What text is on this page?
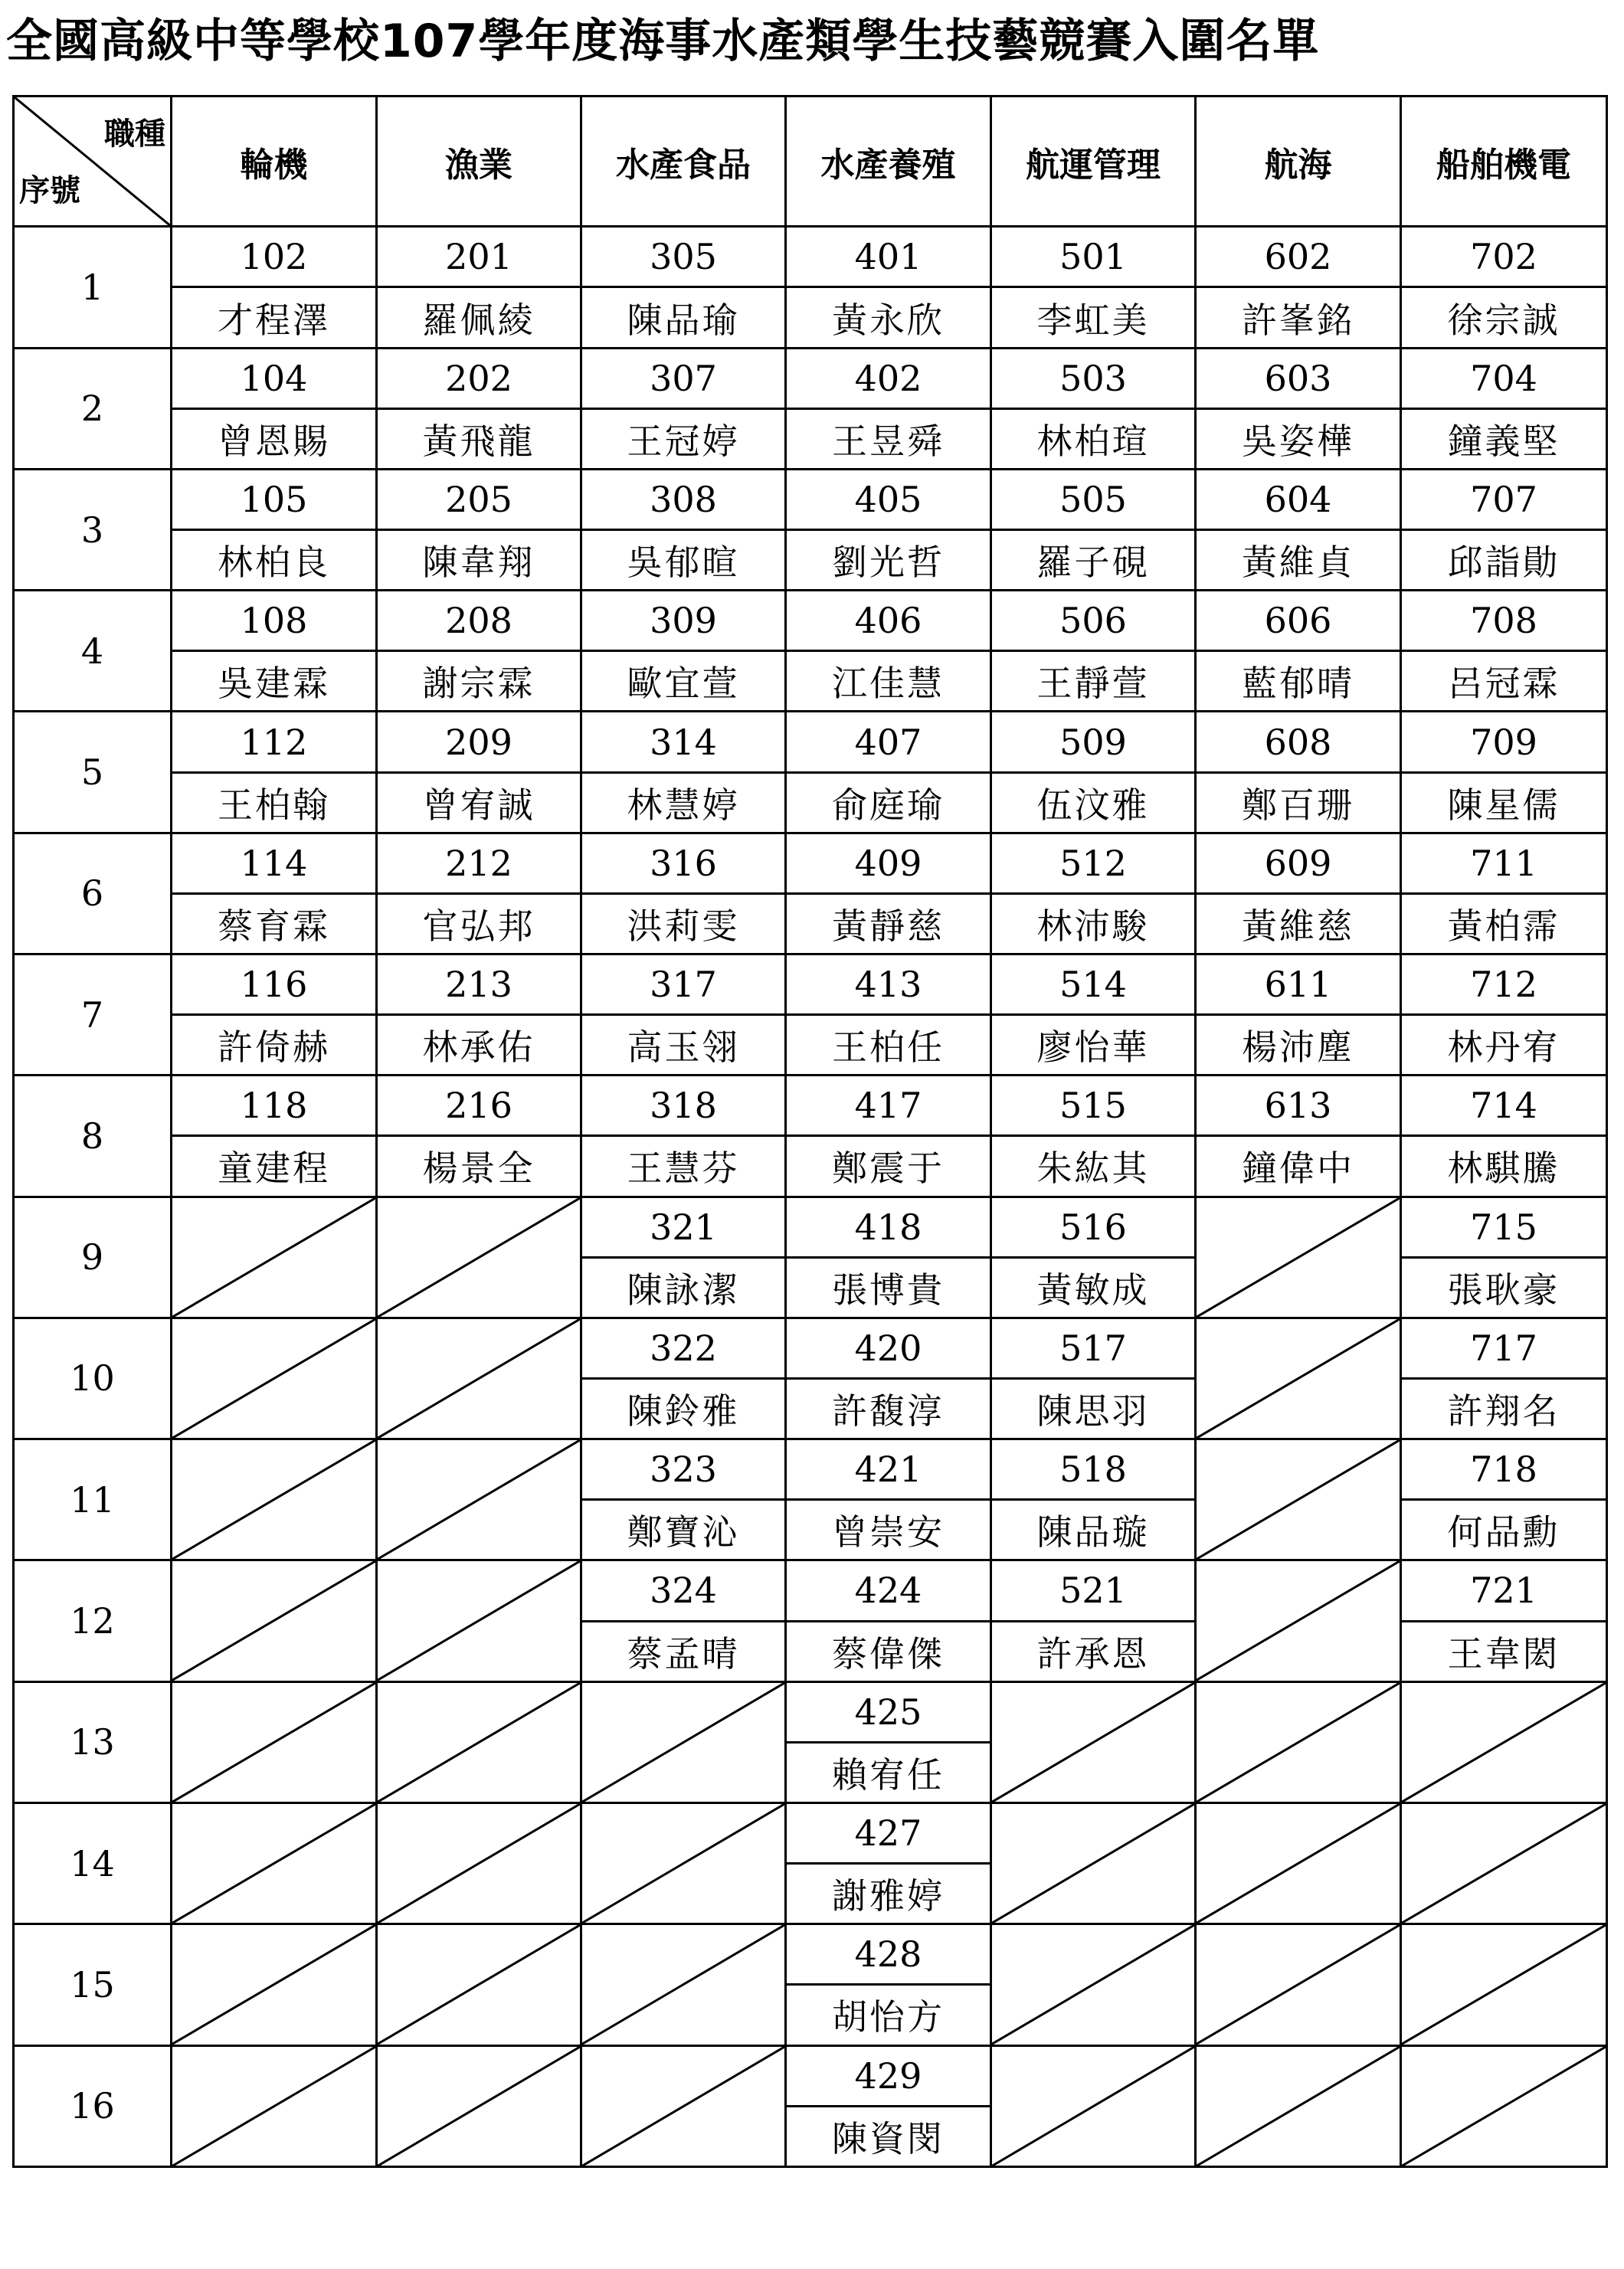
全國高級中等學校107學年度海事水產類學生技藝競賽入圍名單
職種
序號	輪機	漁業	水產食品	水產養殖	航運管理	航海	船舶機電
1	102	201	305	401	501	602	702
	才程澤	羅佩綾	陳品瑜	黃永欣	李虹美	許峯銘	徐宗誠
2	104	202	307	402	503	603	704
	曾恩賜	黃飛龍	王冠婷	王昱舜	林柏瑄	吳姿樺	鐘義堅
3	105	205	308	405	505	604	707
	林柏良	陳韋翔	吳郁暄	劉光哲	羅子硯	黃維貞	邱詣勛
4	108	208	309	406	506	606	708
	吳建霖	謝宗霖	歐宜萱	江佳慧	王靜萱	藍郁晴	呂冠霖
5	112	209	314	407	509	608	709
	王柏翰	曾宥誠	林慧婷	俞庭瑜	伍汶雅	鄭百珊	陳星儒
6	114	212	316	409	512	609	711
	蔡育霖	官弘邦	洪莉雯	黃靜慈	林沛駿	黃維慈	黃柏霈
7	116	213	317	413	514	611	712
	許倚赫	林承佑	高玉翎	王柏任	廖怡華	楊沛塵	林丹宥
8	118	216	318	417	515	613	714
	童建程	楊景全	王慧芬	鄭震于	朱紘其	鐘偉中	林騏騰
9			321	418	516		715
			陳詠潔	張博貴	黃敏成		張耿豪
10			322	420	517		717
			陳鈴雅	許馥淳	陳思羽		許翔名
11			323	421	518		718
			鄭寶沁	曾崇安	陳品璇		何品勳
12			324	424	521		721
			蔡孟晴	蔡偉傑	許承恩		王韋閎
13				425	

				賴宥任			
14				427	

				謝雅婷			
15				428	

				胡怡方			
16				429	

				陳資閔			
